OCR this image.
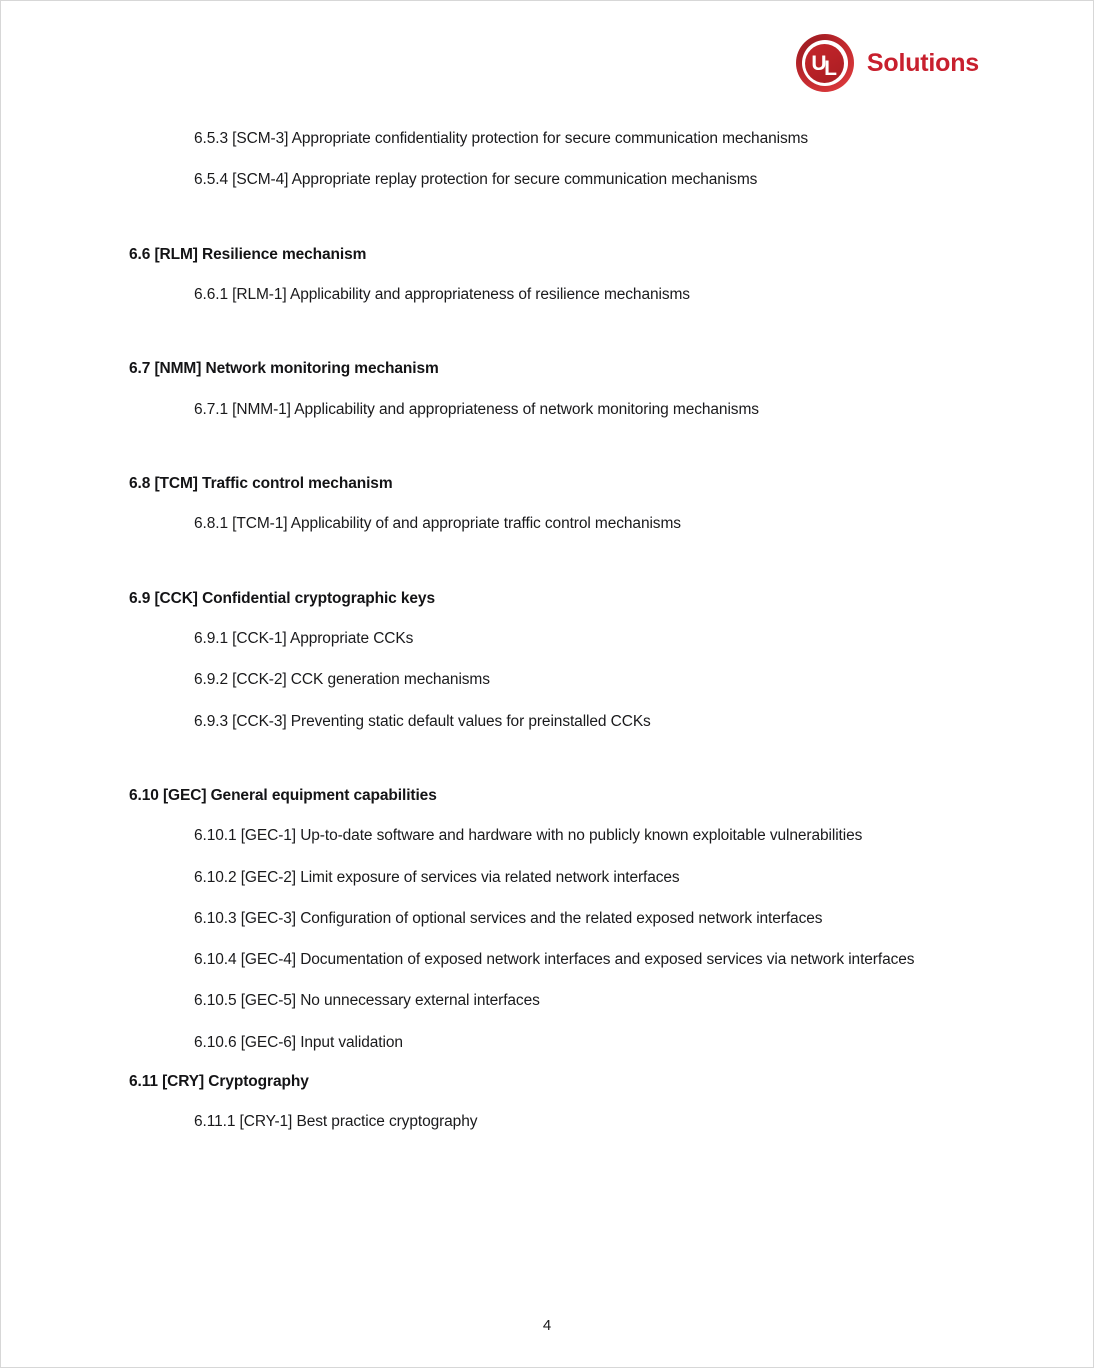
U
L Solutions
6.5.3 [SCM-3] Appropriate confidentiality protection for secure communication mechanisms
6.5.4 [SCM-4] Appropriate replay protection for secure communication mechanisms
6.6 [RLM] Resilience mechanism
6.6.1 [RLM-1] Applicability and appropriateness of resilience mechanisms
6.7 [NMM] Network monitoring mechanism
6.7.1 [NMM-1] Applicability and appropriateness of network monitoring mechanisms
6.8 [TCM] Traffic control mechanism
6.8.1 [TCM-1] Applicability of and appropriate traffic control mechanisms
6.9 [CCK] Confidential cryptographic keys
6.9.1 [CCK-1] Appropriate CCKs
6.9.2 [CCK-2] CCK generation mechanisms
6.9.3 [CCK-3] Preventing static default values for preinstalled CCKs
6.10 [GEC] General equipment capabilities
6.10.1 [GEC-1] Up-to-date software and hardware with no publicly known exploitable vulnerabilities
6.10.2 [GEC-2] Limit exposure of services via related network interfaces
6.10.3 [GEC-3] Configuration of optional services and the related exposed network interfaces
6.10.4 [GEC-4] Documentation of exposed network interfaces and exposed services via network interfaces
6.10.5 [GEC-5] No unnecessary external interfaces
6.10.6 [GEC-6] Input validation
6.11 [CRY] Cryptography
6.11.1 [CRY-1] Best practice cryptography
4
